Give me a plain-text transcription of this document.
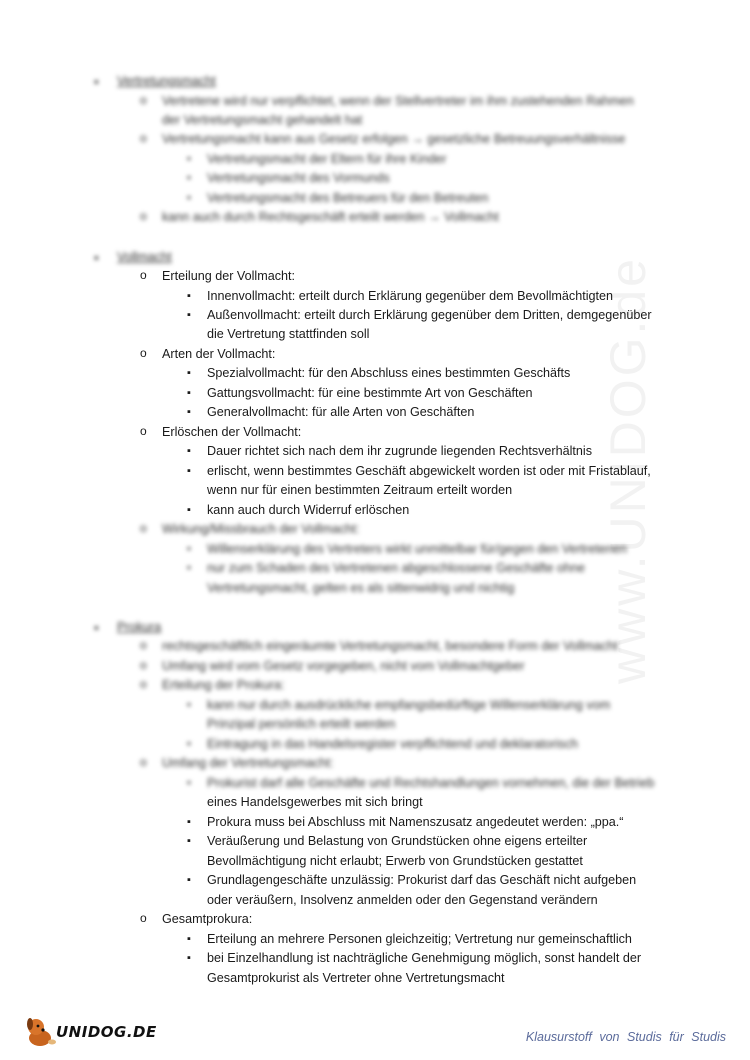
www.UNIDOG.de
▪ Vertretungsmacht
o Vertretene wird nur verpflichtet, wenn der Stellvertreter im ihm zustehenden Rahmen
der Vertretungsmacht gehandelt hat
o Vertretungsmacht kann aus Gesetz erfolgen → gesetzliche Betreuungsverhältnisse
▪ Vertretungsmacht der Eltern für ihre Kinder
▪ Vertretungsmacht des Vormunds
▪ Vertretungsmacht des Betreuers für den Betreuten
o kann auch durch Rechtsgeschäft erteilt werden → Vollmacht
▪ Vollmacht
o Erteilung der Vollmacht:
▪ Innenvollmacht: erteilt durch Erklärung gegenüber dem Bevollmächtigten
▪ Außenvollmacht: erteilt durch Erklärung gegenüber dem Dritten, demgegenüber
die Vertretung stattfinden soll
o Arten der Vollmacht:
▪ Spezialvollmacht: für den Abschluss eines bestimmten Geschäfts
▪ Gattungsvollmacht: für eine bestimmte Art von Geschäften
▪ Generalvollmacht: für alle Arten von Geschäften
o Erlöschen der Vollmacht:
▪ Dauer richtet sich nach dem ihr zugrunde liegenden Rechtsverhältnis
▪ erlischt, wenn bestimmtes Geschäft abgewickelt worden ist oder mit Fristablauf,
wenn nur für einen bestimmten Zeitraum erteilt worden
▪ kann auch durch Widerruf erlöschen
o Wirkung/Missbrauch der Vollmacht:
▪ Willenserklärung des Vertreters wirkt unmittelbar für/gegen den Vertretenen
▪ nur zum Schaden des Vertretenen abgeschlossene Geschäfte ohne
Vertretungsmacht, gelten es als sittenwidrig und nichtig
▪ Prokura
o rechtsgeschäftlich eingeräumte Vertretungsmacht, besondere Form der Vollmacht
o Umfang wird vom Gesetz vorgegeben, nicht vom Vollmachtgeber
o Erteilung der Prokura:
▪ kann nur durch ausdrückliche empfangsbedürftige Willenserklärung vom
Prinzipal persönlich erteilt werden
▪ Eintragung in das Handelsregister verpflichtend und deklaratorisch
o Umfang der Vertretungsmacht:
▪ Prokurist darf alle Geschäfte und Rechtshandlungen vornehmen, die der Betrieb
eines Handelsgewerbes mit sich bringt
▪ Prokura muss bei Abschluss mit Namenszusatz angedeutet werden: „ppa.“
▪ Veräußerung und Belastung von Grundstücken ohne eigens erteilter
Bevollmächtigung nicht erlaubt; Erwerb von Grundstücken gestattet
▪ Grundlagengeschäfte unzulässig: Prokurist darf das Geschäft nicht aufgeben
oder veräußern, Insolvenz anmelden oder den Gegenstand verändern
o Gesamtprokura:
▪ Erteilung an mehrere Personen gleichzeitig; Vertretung nur gemeinschaftlich
▪ bei Einzelhandlung ist nachträgliche Genehmigung möglich, sonst handelt der
Gesamtprokurist als Vertreter ohne Vertretungsmacht
UNIDOG.DE	Klausurstoff von Studis für Studis
